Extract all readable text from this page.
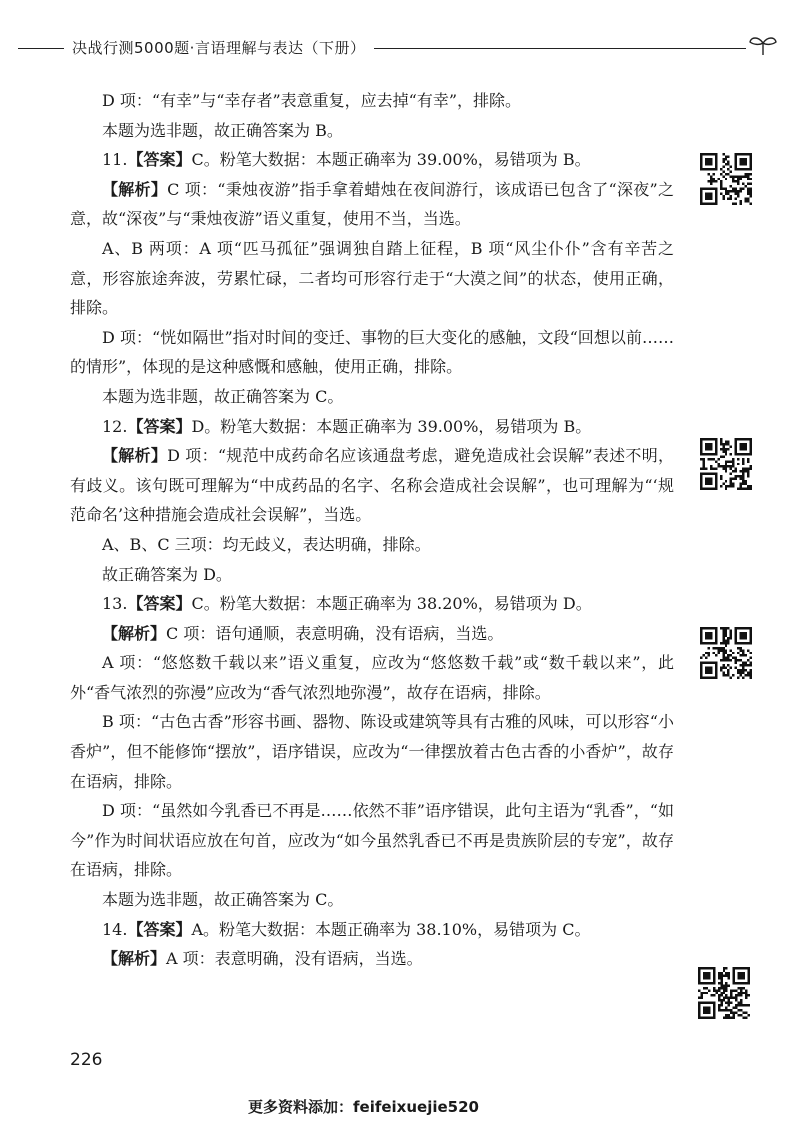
决战行测5000题·言语理解与表达（下册）

D 项：“有幸”与“幸存者”表意重复，应去掉“有幸”，排除。

本题为选非题，故正确答案为 B。

11.【答案】C。粉笔大数据：本题正确率为 39.00%，易错项为 B。

【解析】C 项：“秉烛夜游”指手拿着蜡烛在夜间游行，该成语已包含了“深夜”之意，故“深夜”与“秉烛夜游”语义重复，使用不当，当选。

A、B 两项：A 项“匹马孤征”强调独自踏上征程，B 项“风尘仆仆”含有辛苦之意，形容旅途奔波，劳累忙碌，二者均可形容行走于“大漠之间”的状态，使用正确，排除。

D 项：“恍如隔世”指对时间的变迁、事物的巨大变化的感触，文段“回想以前……的情形”，体现的是这种感慨和感触，使用正确，排除。

本题为选非题，故正确答案为 C。

12.【答案】D。粉笔大数据：本题正确率为 39.00%，易错项为 B。

【解析】D 项：“规范中成药命名应该通盘考虑，避免造成社会误解”表述不明，有歧义。该句既可理解为“中成药品的名字、名称会造成社会误解”，也可理解为“‘规范命名’这种措施会造成社会误解”，当选。

A、B、C 三项：均无歧义，表达明确，排除。

故正确答案为 D。

13.【答案】C。粉笔大数据：本题正确率为 38.20%，易错项为 D。

【解析】C 项：语句通顺，表意明确，没有语病，当选。

A 项：“悠悠数千载以来”语义重复，应改为“悠悠数千载”或“数千载以来”，此外“香气浓烈的弥漫”应改为“香气浓烈地弥漫”，故存在语病，排除。

B 项：“古色古香”形容书画、器物、陈设或建筑等具有古雅的风味，可以形容“小香炉”，但不能修饰“摆放”，语序错误，应改为“一律摆放着古色古香的小香炉”，故存在语病，排除。

D 项：“虽然如今乳香已不再是……依然不菲”语序错误，此句主语为“乳香”，“如今”作为时间状语应放在句首，应改为“如今虽然乳香已不再是贵族阶层的专宠”，故存在语病，排除。

本题为选非题，故正确答案为 C。

14.【答案】A。粉笔大数据：本题正确率为 38.10%，易错项为 C。

【解析】A 项：表意明确，没有语病，当选。

226
更多资料添加：feifeixuejie520
